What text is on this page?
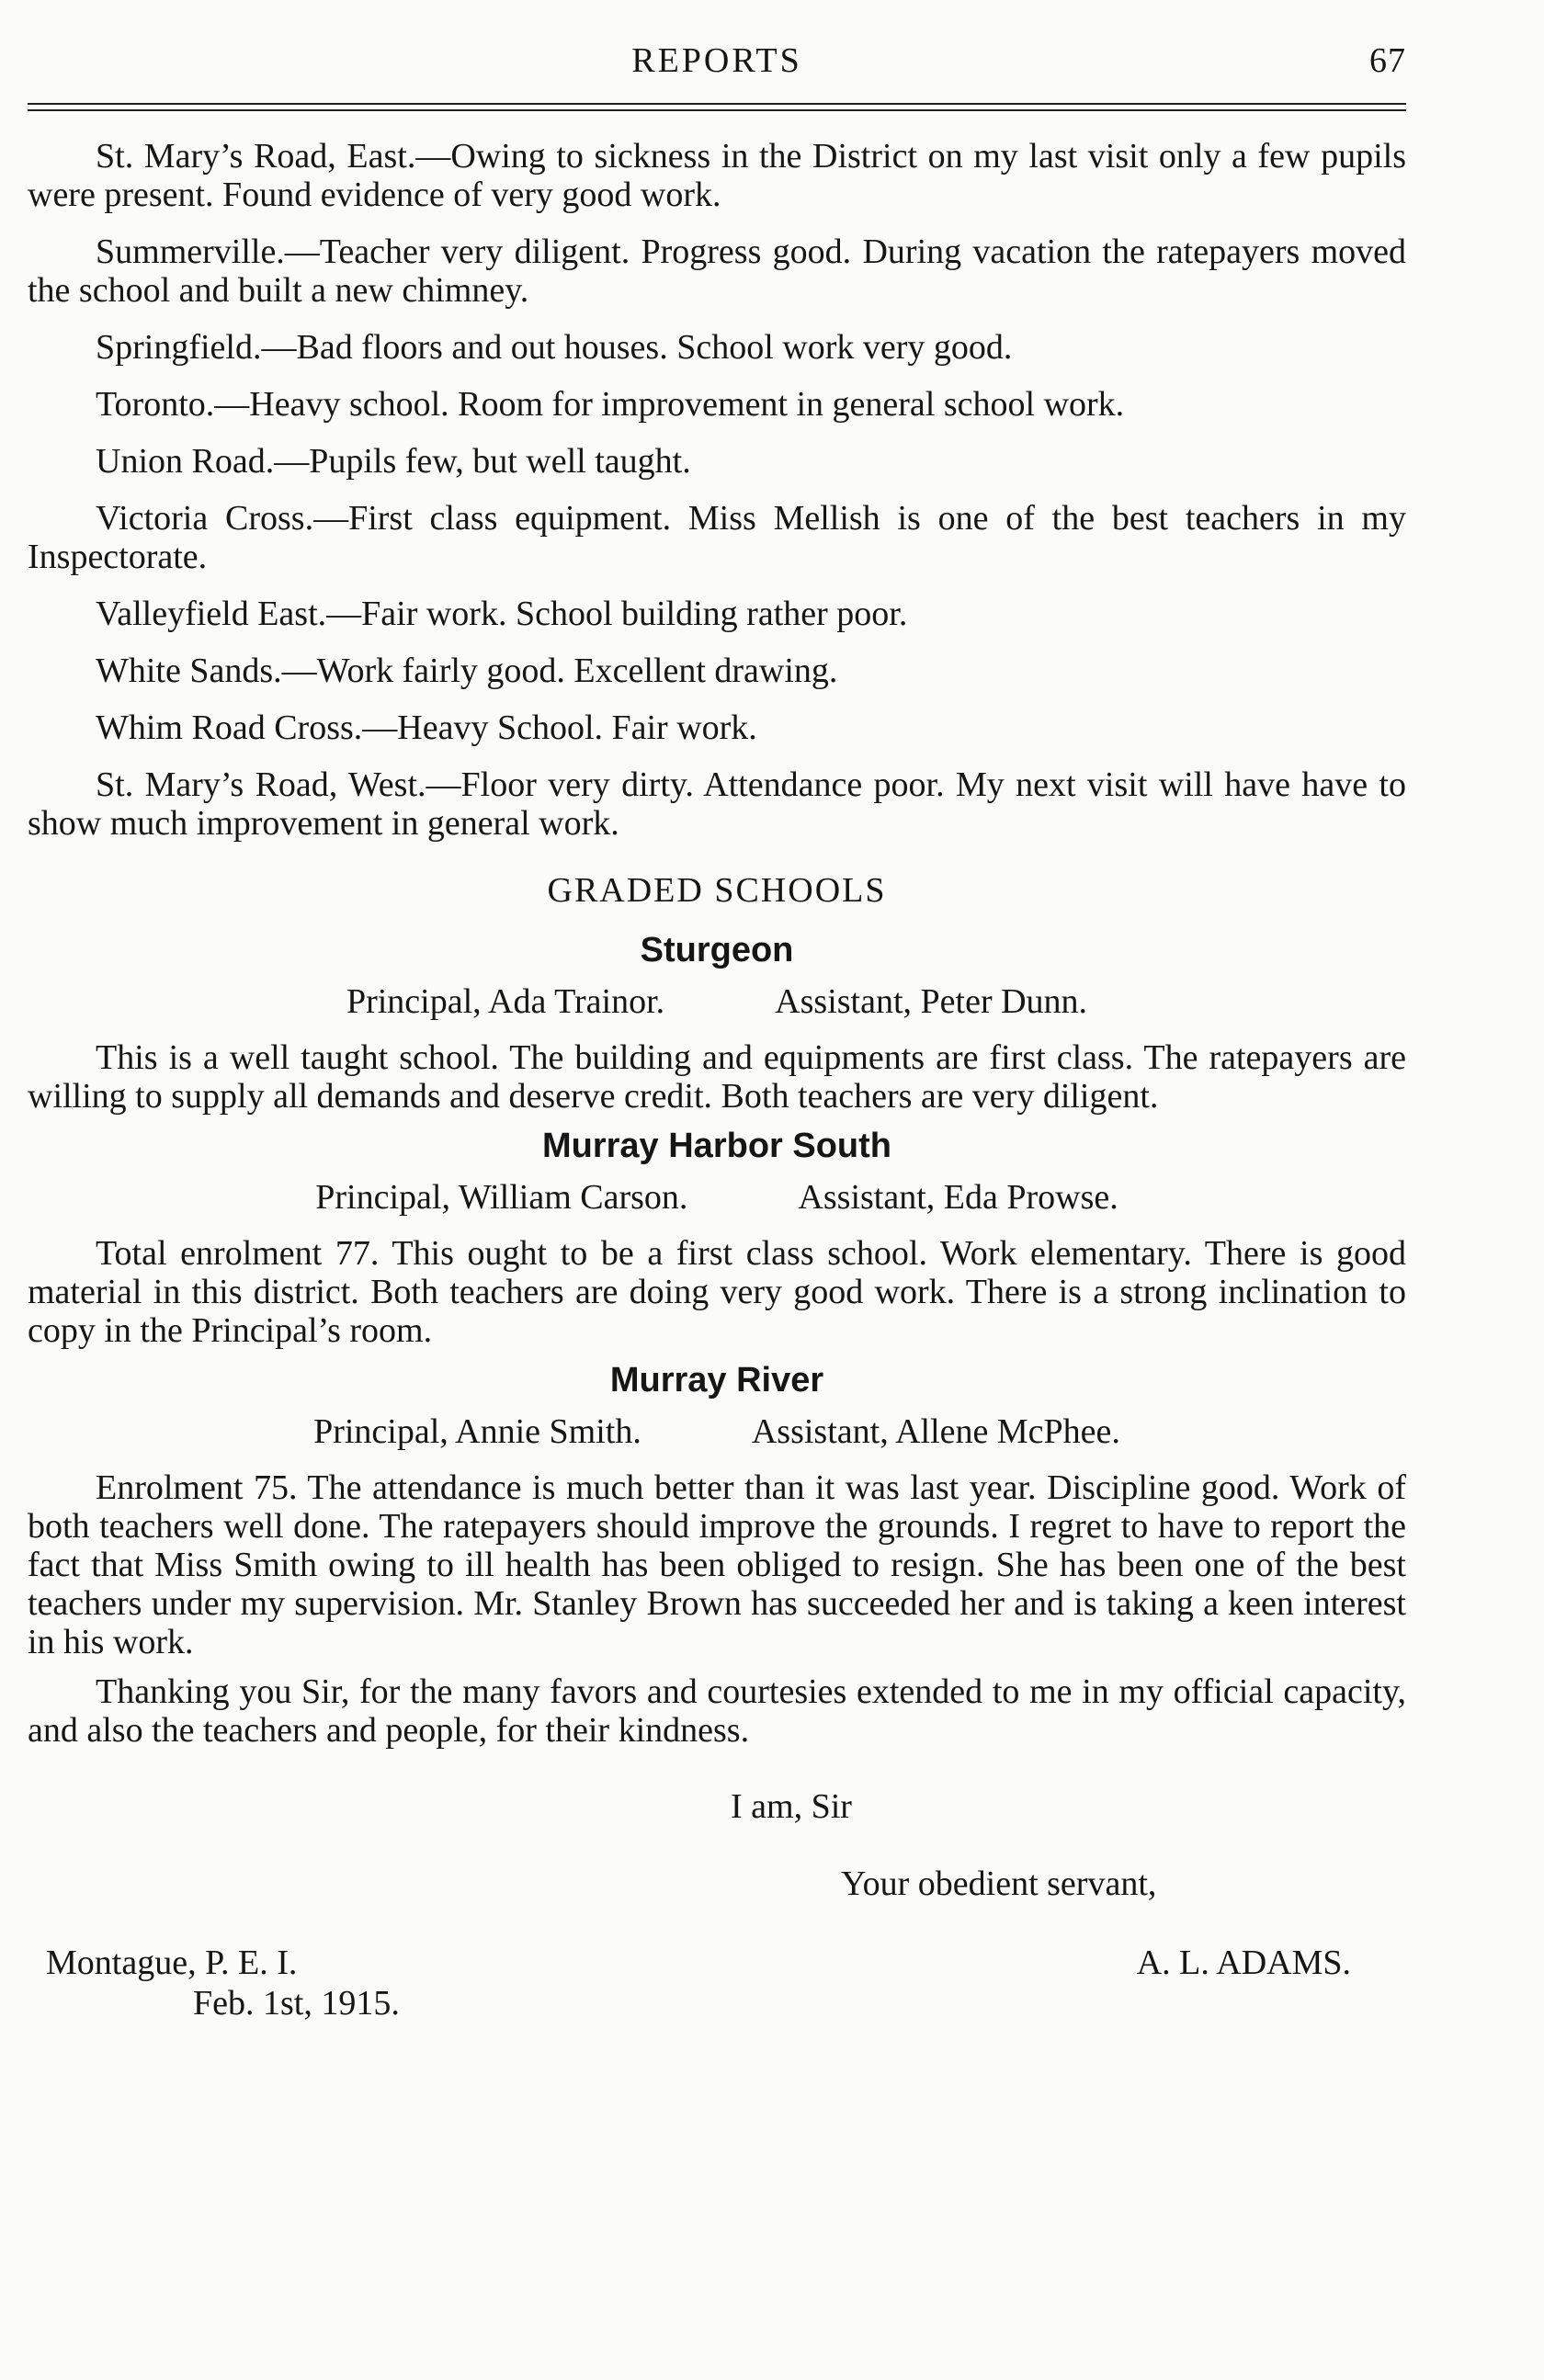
REPORTS	67

St. Mary’s Road, East.—Owing to sickness in the District on my last visit only a few pupils were present. Found evidence of very good work.

Summerville.—Teacher very diligent. Progress good. During vacation the ratepayers moved the school and built a new chimney.

Springfield.—Bad floors and out houses. School work very good.

Toronto.—Heavy school. Room for improvement in general school work.

Union Road.—Pupils few, but well taught.

Victoria Cross.—First class equipment. Miss Mellish is one of the best teachers in my Inspectorate.

Valleyfield East.—Fair work. School building rather poor.

White Sands.—Work fairly good. Excellent drawing.

Whim Road Cross.—Heavy School. Fair work.

St. Mary’s Road, West.—Floor very dirty. Attendance poor. My next visit will have have to show much improvement in general work.

GRADED SCHOOLS
Sturgeon
Principal, Ada Trainor.	Assistant, Peter Dunn.

This is a well taught school. The building and equipments are first class. The ratepayers are willing to supply all demands and deserve credit. Both teachers are very diligent.

Murray Harbor South
Principal, William Carson.	Assistant, Eda Prowse.

Total enrolment 77. This ought to be a first class school. Work elementary. There is good material in this district. Both teachers are doing very good work. There is a strong inclination to copy in the Principal’s room.

Murray River
Principal, Annie Smith.	Assistant, Allene McPhee.

Enrolment 75. The attendance is much better than it was last year. Discipline good. Work of both teachers well done. The ratepayers should improve the grounds. I regret to have to report the fact that Miss Smith owing to ill health has been obliged to resign. She has been one of the best teachers under my supervision. Mr. Stanley Brown has succeeded her and is taking a keen interest in his work.

Thanking you Sir, for the many favors and courtesies extended to me in my official capacity, and also the teachers and people, for their kindness.

I am, Sir
Your obedient servant,
Montague, P. E. I.	A. L. ADAMS.
Feb. 1st, 1915.
